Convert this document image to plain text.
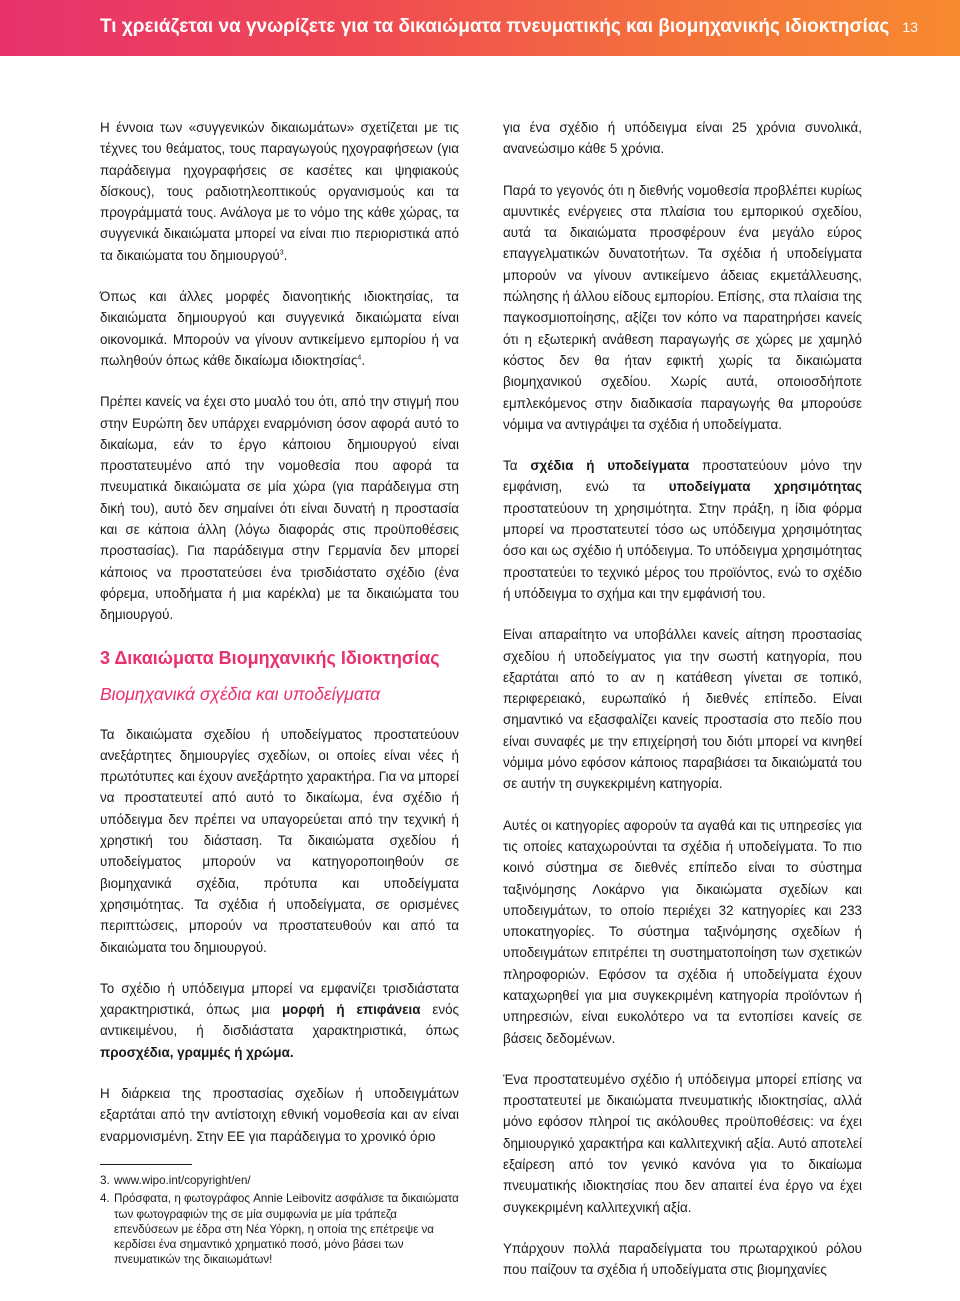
Τι χρειάζεται να γνωρίζετε για τα δικαιώματα πνευματικής και βιομηχανικής ιδιοκτησίας 13

Η έννοια των «συγγενικών δικαιωμάτων» σχετίζεται με τις τέχνες του θεάματος, τους παραγωγούς ηχογραφήσεων (για παράδειγμα ηχογραφήσεις σε κασέτες και ψηφιακούς δίσκους), τους ραδιοτηλεοπτικούς οργανισμούς και τα προγράμματά τους. Ανάλογα με το νόμο της κάθε χώρας, τα συγγενικά δικαιώματα μπορεί να είναι πιο περιοριστικά από τα δικαιώματα του δημιουργού$^3$.

Όπως και άλλες μορφές διανοητικής ιδιοκτησίας, τα δικαιώματα δημιουργού και συγγενικά δικαιώματα είναι οικονομικά. Μπορούν να γίνουν αντικείμενο εμπορίου ή να πωληθούν όπως κάθε δικαίωμα ιδιοκτησίας$^4$.

Πρέπει κανείς να έχει στο μυαλό του ότι, από την στιγμή που στην Ευρώπη δεν υπάρχει εναρμόνιση όσον αφορά αυτό το δικαίωμα, εάν το έργο κάποιου δημιουργού είναι προστατευμένο από την νομοθεσία που αφορά τα πνευματικά δικαιώματα σε μία χώρα (για παράδειγμα στη δική του), αυτό δεν σημαίνει ότι είναι δυνατή η προστασία και σε κάποια άλλη (λόγω διαφοράς στις προϋποθέσεις προστασίας). Για παράδειγμα στην Γερμανία δεν μπορεί κάποιος να προστατεύσει ένα τρισδιάστατο σχέδιο (ένα φόρεμα, υποδήματα ή μια καρέκλα) με τα δικαιώματα του δημιουργού.

3 Δικαιώματα Βιομηχανικής Ιδιοκτησίας
Βιομηχανικά σχέδια και υποδείγματα

Τα δικαιώματα σχεδίου ή υποδείγματος προστατεύουν ανεξάρτητες δημιουργίες σχεδίων, οι οποίες είναι νέες ή πρωτότυπες και έχουν ανεξάρτητο χαρακτήρα. Για να μπορεί να προστατευτεί από αυτό το δικαίωμα, ένα σχέδιο ή υπόδειγμα δεν πρέπει να υπαγορεύεται από την τεχνική ή χρηστική του διάσταση. Τα δικαιώματα σχεδίου ή υποδείγματος μπορούν να κατηγοροποιηθούν σε βιομηχανικά σχέδια, πρότυπα και υποδείγματα χρησιμότητας. Τα σχέδια ή υποδείγματα, σε ορισμένες περιπτώσεις, μπορούν να προστατευθούν και από τα δικαιώματα του δημιουργού.

Το σχέδιο ή υπόδειγμα μπορεί να εμφανίζει τρισδιάστατα χαρακτηριστικά, όπως μια μορφή ή επιφάνεια ενός αντικειμένου, ή δισδιάστατα χαρακτηριστικά, όπως προσχέδια, γραμμές ή χρώμα.

Η διάρκεια της προστασίας σχεδίων ή υποδειγμάτων εξαρτάται από την αντίστοιχη εθνική νομοθεσία και αν είναι εναρμονισμένη. Στην ΕΕ για παράδειγμα το χρονικό όριο

3. www.wipo.int/copyright/en/
4. Πρόσφατα, η φωτογράφος Annie Leibovitz ασφάλισε τα δικαιώματα των φωτογραφιών της σε μία συμφωνία με μία τράπεζα επενδύσεων με έδρα στη Νέα Υόρκη, η οποία της επέτρεψε να κερδίσει ένα σημαντικό χρηματικό ποσό, μόνο βάσει των πνευματικών της δικαιωμάτων!

για ένα σχέδιο ή υπόδειγμα είναι 25 χρόνια συνολικά, ανανεώσιμο κάθε 5 χρόνια.

Παρά το γεγονός ότι η διεθνής νομοθεσία προβλέπει κυρίως αμυντικές ενέργειες στα πλαίσια του εμπορικού σχεδίου, αυτά τα δικαιώματα προσφέρουν ένα μεγάλο εύρος επαγγελματικών δυνατοτήτων. Τα σχέδια ή υποδείγματα μπορούν να γίνουν αντικείμενο άδειας εκμετάλλευσης, πώλησης ή άλλου είδους εμπορίου. Επίσης, στα πλαίσια της παγκοσμιοποίησης, αξίζει τον κόπο να παρατηρήσει κανείς ότι η εξωτερική ανάθεση παραγωγής σε χώρες με χαμηλό κόστος δεν θα ήταν εφικτή χωρίς τα δικαιώματα βιομηχανικού σχεδίου. Χωρίς αυτά, οποιοσδήποτε εμπλεκόμενος στην διαδικασία παραγωγής θα μπορούσε νόμιμα να αντιγράψει τα σχέδια ή υποδείγματα.

Τα σχέδια ή υποδείγματα προστατεύουν μόνο την εμφάνιση, ενώ τα υποδείγματα χρησιμότητας προστατεύουν τη χρησιμότητα. Στην πράξη, η ίδια φόρμα μπορεί να προστατευτεί τόσο ως υπόδειγμα χρησιμότητας όσο και ως σχέδιο ή υπόδειγμα. Το υπόδειγμα χρησιμότητας προστατεύει το τεχνικό μέρος του προϊόντος, ενώ το σχέδιο ή υπόδειγμα το σχήμα και την εμφάνισή του.

Είναι απαραίτητο να υποβάλλει κανείς αίτηση προστασίας σχεδίου ή υποδείγματος για την σωστή κατηγορία, που εξαρτάται από το αν η κατάθεση γίνεται σε τοπικό, περιφερειακό, ευρωπαϊκό ή διεθνές επίπεδο. Είναι σημαντικό να εξασφαλίζει κανείς προστασία στο πεδίο που είναι συναφές με την επιχείρησή του διότι μπορεί να κινηθεί νόμιμα μόνο εφόσον κάποιος παραβιάσει τα δικαιώματά του σε αυτήν τη συγκεκριμένη κατηγορία.

Αυτές οι κατηγορίες αφορούν τα αγαθά και τις υπηρεσίες για τις οποίες καταχωρούνται τα σχέδια ή υποδείγματα. Το πιο κοινό σύστημα σε διεθνές επίπεδο είναι το σύστημα ταξινόμησης Λοκάρνο για δικαιώματα σχεδίων και υποδειγμάτων, το οποίο περιέχει 32 κατηγορίες και 233 υποκατηγορίες. Το σύστημα ταξινόμησης σχεδίων ή υποδειγμάτων επιτρέπει τη συστηματοποίηση των σχετικών πληροφοριών. Εφόσον τα σχέδια ή υποδείγματα έχουν καταχωρηθεί για μια συγκεκριμένη κατηγορία προϊόντων ή υπηρεσιών, είναι ευκολότερο να τα εντοπίσει κανείς σε βάσεις δεδομένων.

Ένα προστατευμένο σχέδιο ή υπόδειγμα μπορεί επίσης να προστατευτεί με δικαιώματα πνευματικής ιδιοκτησίας, αλλά μόνο εφόσον πληροί τις ακόλουθες προϋποθέσεις: να έχει δημιουργικό χαρακτήρα και καλλιτεχνική αξία. Αυτό αποτελεί εξαίρεση από τον γενικό κανόνα για το δικαίωμα πνευματικής ιδιοκτησίας που δεν απαιτεί ένα έργο να έχει συγκεκριμένη καλλιτεχνική αξία.

Υπάρχουν πολλά παραδείγματα του πρωταρχικού ρόλου που παίζουν τα σχέδια ή υποδείγματα στις βιομηχανίες
